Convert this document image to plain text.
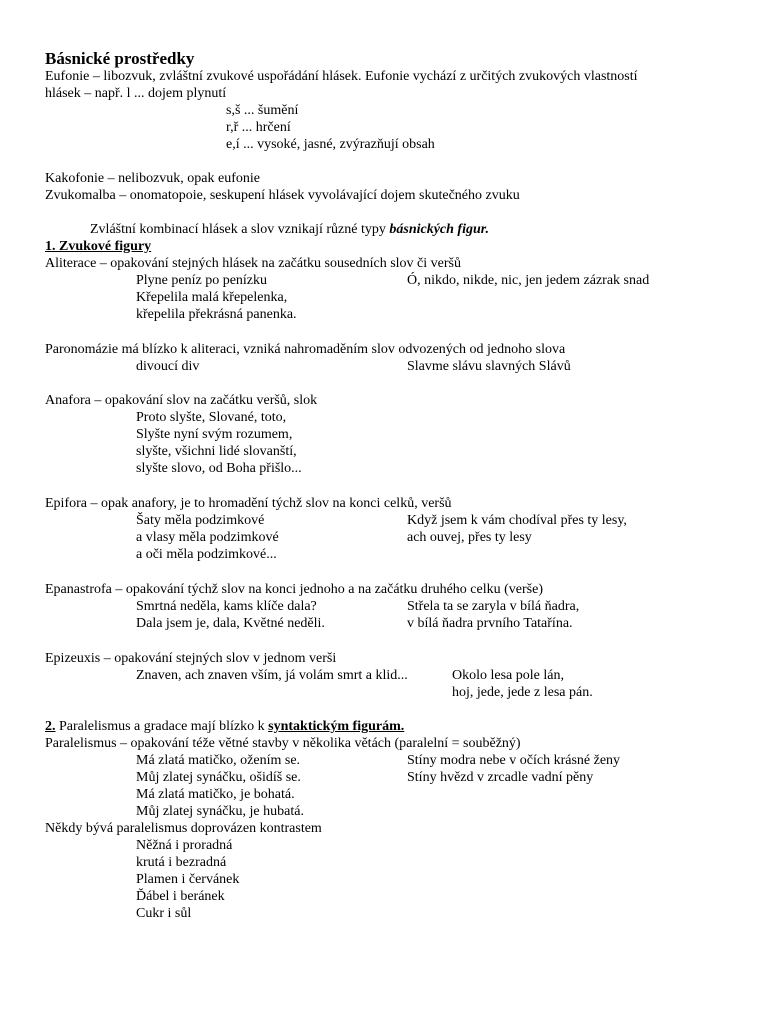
Básnické prostředky
Eufonie – libozvuk, zvláštní zvukové uspořádání hlásek. Eufonie vychází z určitých zvukových vlastností
hlásek – např. l ... dojem plynutí
s,š ... šumění
r,ř ... hrčení
e,í ... vysoké, jasné, zvýrazňují obsah
Kakofonie – nelibozvuk, opak eufonie
Zvukomalba – onomatopoie, seskupení hlásek vyvolávající dojem skutečného zvuku
Zvláštní kombinací hlásek a slov vznikají různé typy básnických figur.
1. Zvukové figury
Aliterace – opakování stejných hlásek na začátku sousedních slov či veršů
Plyne peníz po penízku	Ó, nikdo, nikde, nic, jen jedem zázrak snad
Křepelila malá křepelenka,
křepelila překrásná panenka.
Paronomázie má blízko k aliteraci, vzniká nahromaděním slov odvozených od jednoho slova
divoucí div	Slavme slávu slavných Slávů
Anafora – opakování slov na začátku veršů, slok
Proto slyšte, Slované, toto,
Slyšte nyní svým rozumem,
slyšte, všichni lidé slovanští,
slyšte slovo, od Boha přišlo...
Epifora – opak anafory, je to hromadění týchž slov na konci celků, veršů
Šaty měla podzimkové	Když jsem k vám chodíval přes ty lesy,
a vlasy měla podzimkové	ach ouvej, přes ty lesy
a oči měla podzimkové...
Epanastrofa – opakování týchž slov na konci jednoho a na začátku druhého celku (verše)
Smrtná neděla, kams klíče dala?	Střela ta se zaryla v bílá ňadra,
Dala jsem je, dala, Květné neděli.	v bílá ňadra prvního Tatařína.
Epizeuxis – opakování stejných slov v jednom verši
Znaven, ach znaven vším, já volám smrt a klid...	Okolo lesa pole lán,
hoj, jede, jede z lesa pán.
2. Paralelismus a gradace mají blízko k syntaktickým figurám.
Paralelismus – opakování téže větné stavby v několika větách (paralelní = souběžný)
Má zlatá matičko, ožením se.	Stíny modra nebe v očích krásné ženy
Můj zlatej synáčku, ošidíš se.	Stíny hvězd v zrcadle vadní pěny
Má zlatá matičko, je bohatá.
Můj zlatej synáčku, je hubatá.
Někdy bývá paralelismus doprovázen kontrastem
Něžná i proradná
krutá i bezradná
Plamen i červánek
Ďábel i beránek
Cukr i sůl
